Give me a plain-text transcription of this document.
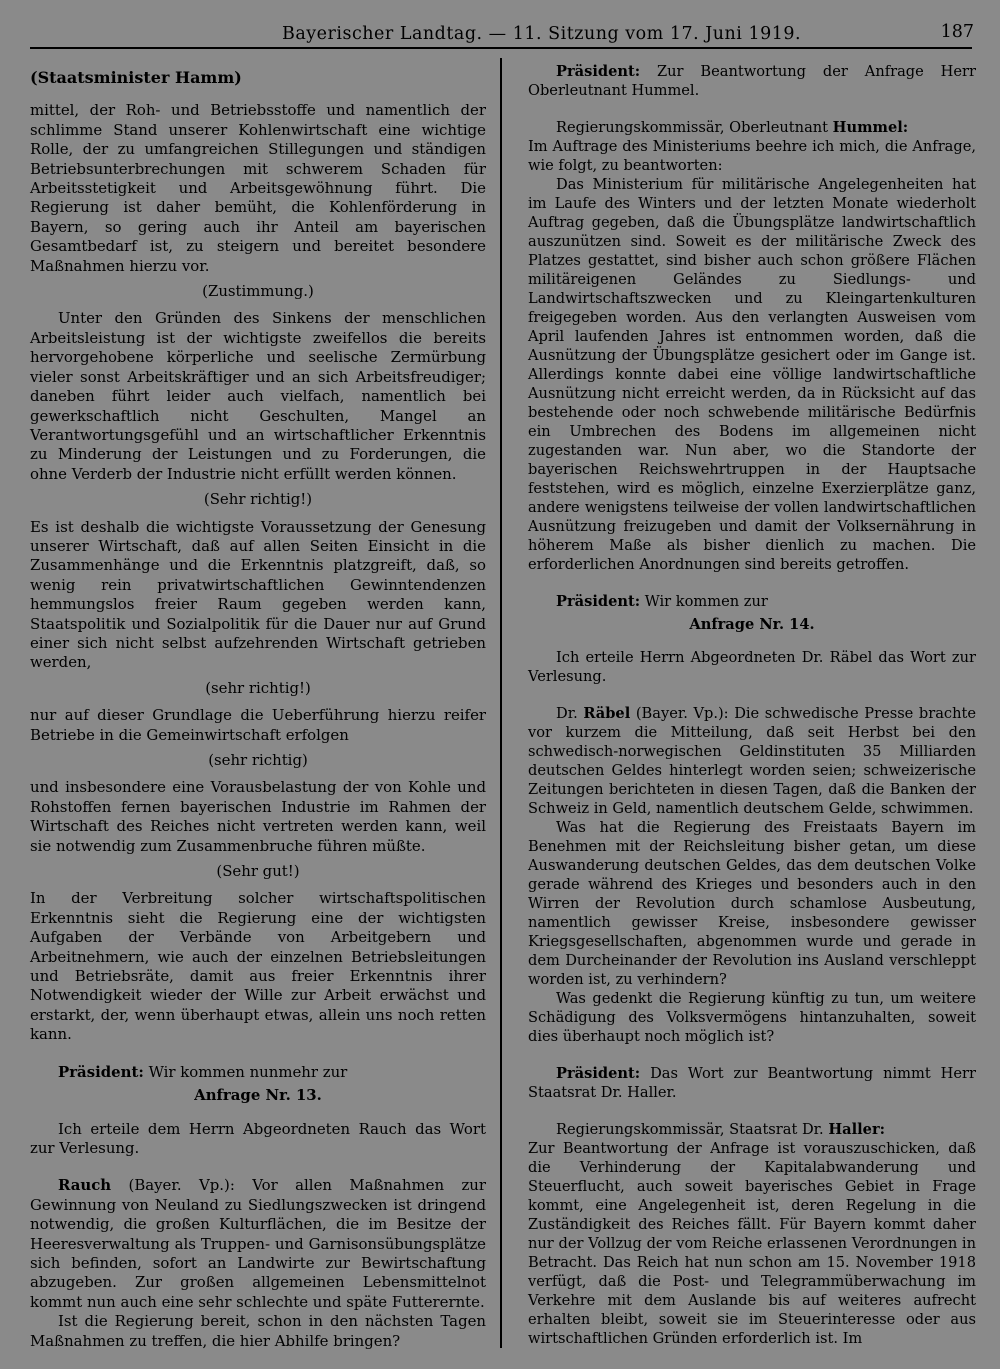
Bayerischer Landtag. — 11. Sitzung vom 17. Juni 1919.	187

(Staatsminister Hamm)

mittel, der Roh- und Betriebsstoffe und namentlich der schlimme Stand unserer Kohlenwirtschaft eine wichtige Rolle, der zu umfangreichen Stillegungen und ständigen Betriebsunterbrechungen mit schwerem Schaden für Arbeitsstetigkeit und Arbeitsgewöhnung führt. Die Regierung ist daher bemüht, die Kohlenförderung in Bayern, so gering auch ihr Anteil am bayerischen Gesamtbedarf ist, zu steigern und bereitet besondere Maßnahmen hierzu vor.

(Zustimmung.)

Unter den Gründen des Sinkens der menschlichen Arbeitsleistung ist der wichtigste zweifellos die bereits hervorgehobene körperliche und seelische Zermürbung vieler sonst Arbeitskräftiger und an sich Arbeitsfreudiger; daneben führt leider auch vielfach, namentlich bei gewerkschaftlich nicht Geschulten, Mangel an Verantwortungsgefühl und an wirtschaftlicher Erkenntnis zu Minderung der Leistungen und zu Forderungen, die ohne Verderb der Industrie nicht erfüllt werden können.

(Sehr richtig!)

Es ist deshalb die wichtigste Voraussetzung der Genesung unserer Wirtschaft, daß auf allen Seiten Einsicht in die Zusammenhänge und die Erkenntnis platzgreift, daß, so wenig rein privatwirtschaftlichen Gewinntendenzen hemmungslos freier Raum gegeben werden kann, Staatspolitik und Sozialpolitik für die Dauer nur auf Grund einer sich nicht selbst aufzehrenden Wirtschaft getrieben werden,

(sehr richtig!)

nur auf dieser Grundlage die Ueberführung hierzu reifer Betriebe in die Gemeinwirtschaft erfolgen

(sehr richtig)

und insbesondere eine Vorausbelastung der von Kohle und Rohstoffen fernen bayerischen Industrie im Rahmen der Wirtschaft des Reiches nicht vertreten werden kann, weil sie notwendig zum Zusammenbruche führen müßte.

(Sehr gut!)

In der Verbreitung solcher wirtschaftspolitischen Erkenntnis sieht die Regierung eine der wichtigsten Aufgaben der Verbände von Arbeitgebern und Arbeitnehmern, wie auch der einzelnen Betriebsleitungen und Betriebsräte, damit aus freier Erkenntnis ihrer Notwendigkeit wieder der Wille zur Arbeit erwächst und erstarkt, der, wenn überhaupt etwas, allein uns noch retten kann.

Präsident: Wir kommen nunmehr zur

Anfrage Nr. 13.

Ich erteile dem Herrn Abgeordneten Rauch das Wort zur Verlesung.

Rauch (Bayer. Vp.): Vor allen Maßnahmen zur Gewinnung von Neuland zu Siedlungszwecken ist dringend notwendig, die großen Kulturflächen, die im Besitze der Heeresverwaltung als Truppen- und Garnisonsübungsplätze sich befinden, sofort an Landwirte zur Bewirtschaftung abzugeben. Zur großen allgemeinen Lebensmittelnot kommt nun auch eine sehr schlechte und späte Futterernte.

Ist die Regierung bereit, schon in den nächsten Tagen Maßnahmen zu treffen, die hier Abhilfe bringen?

Präsident: Zur Beantwortung der Anfrage Herr Oberleutnant Hummel.

Regierungskommissär, Oberleutnant Hummel:

Im Auftrage des Ministeriums beehre ich mich, die Anfrage, wie folgt, zu beantworten:

Das Ministerium für militärische Angelegenheiten hat im Laufe des Winters und der letzten Monate wiederholt Auftrag gegeben, daß die Übungsplätze landwirtschaftlich auszunützen sind. Soweit es der militärische Zweck des Platzes gestattet, sind bisher auch schon größere Flächen militäreigenen Geländes zu Siedlungs- und Landwirtschaftszwecken und zu Kleingartenkulturen freigegeben worden. Aus den verlangten Ausweisen vom April laufenden Jahres ist entnommen worden, daß die Ausnützung der Übungsplätze gesichert oder im Gange ist. Allerdings konnte dabei eine völlige landwirtschaftliche Ausnützung nicht erreicht werden, da in Rücksicht auf das bestehende oder noch schwebende militärische Bedürfnis ein Umbrechen des Bodens im allgemeinen nicht zugestanden war. Nun aber, wo die Standorte der bayerischen Reichswehrtruppen in der Hauptsache feststehen, wird es möglich, einzelne Exerzierplätze ganz, andere wenigstens teilweise der vollen landwirtschaftlichen Ausnützung freizugeben und damit der Volksernährung in höherem Maße als bisher dienlich zu machen. Die erforderlichen Anordnungen sind bereits getroffen.

Präsident: Wir kommen zur

Anfrage Nr. 14.

Ich erteile Herrn Abgeordneten Dr. Räbel das Wort zur Verlesung.

Dr. Räbel (Bayer. Vp.): Die schwedische Presse brachte vor kurzem die Mitteilung, daß seit Herbst bei den schwedisch-norwegischen Geldinstituten 35 Milliarden deutschen Geldes hinterlegt worden seien; schweizerische Zeitungen berichteten in diesen Tagen, daß die Banken der Schweiz in Geld, namentlich deutschem Gelde, schwimmen.

Was hat die Regierung des Freistaats Bayern im Benehmen mit der Reichsleitung bisher getan, um diese Auswanderung deutschen Geldes, das dem deutschen Volke gerade während des Krieges und besonders auch in den Wirren der Revolution durch schamlose Ausbeutung, namentlich gewisser Kreise, insbesondere gewisser Kriegsgesellschaften, abgenommen wurde und gerade in dem Durcheinander der Revolution ins Ausland verschleppt worden ist, zu verhindern?

Was gedenkt die Regierung künftig zu tun, um weitere Schädigung des Volksvermögens hintanzuhalten, soweit dies überhaupt noch möglich ist?

Präsident: Das Wort zur Beantwortung nimmt Herr Staatsrat Dr. Haller.

Regierungskommissär, Staatsrat Dr. Haller:

Zur Beantwortung der Anfrage ist vorauszuschicken, daß die Verhinderung der Kapitalabwanderung und Steuerflucht, auch soweit bayerisches Gebiet in Frage kommt, eine Angelegenheit ist, deren Regelung in die Zuständigkeit des Reiches fällt. Für Bayern kommt daher nur der Vollzug der vom Reiche erlassenen Verordnungen in Betracht. Das Reich hat nun schon am 15. November 1918 verfügt, daß die Post- und Telegrammüberwachung im Verkehre mit dem Auslande bis auf weiteres aufrecht erhalten bleibt, soweit sie im Steuerinteresse oder aus wirtschaftlichen Gründen erforderlich ist. Im
